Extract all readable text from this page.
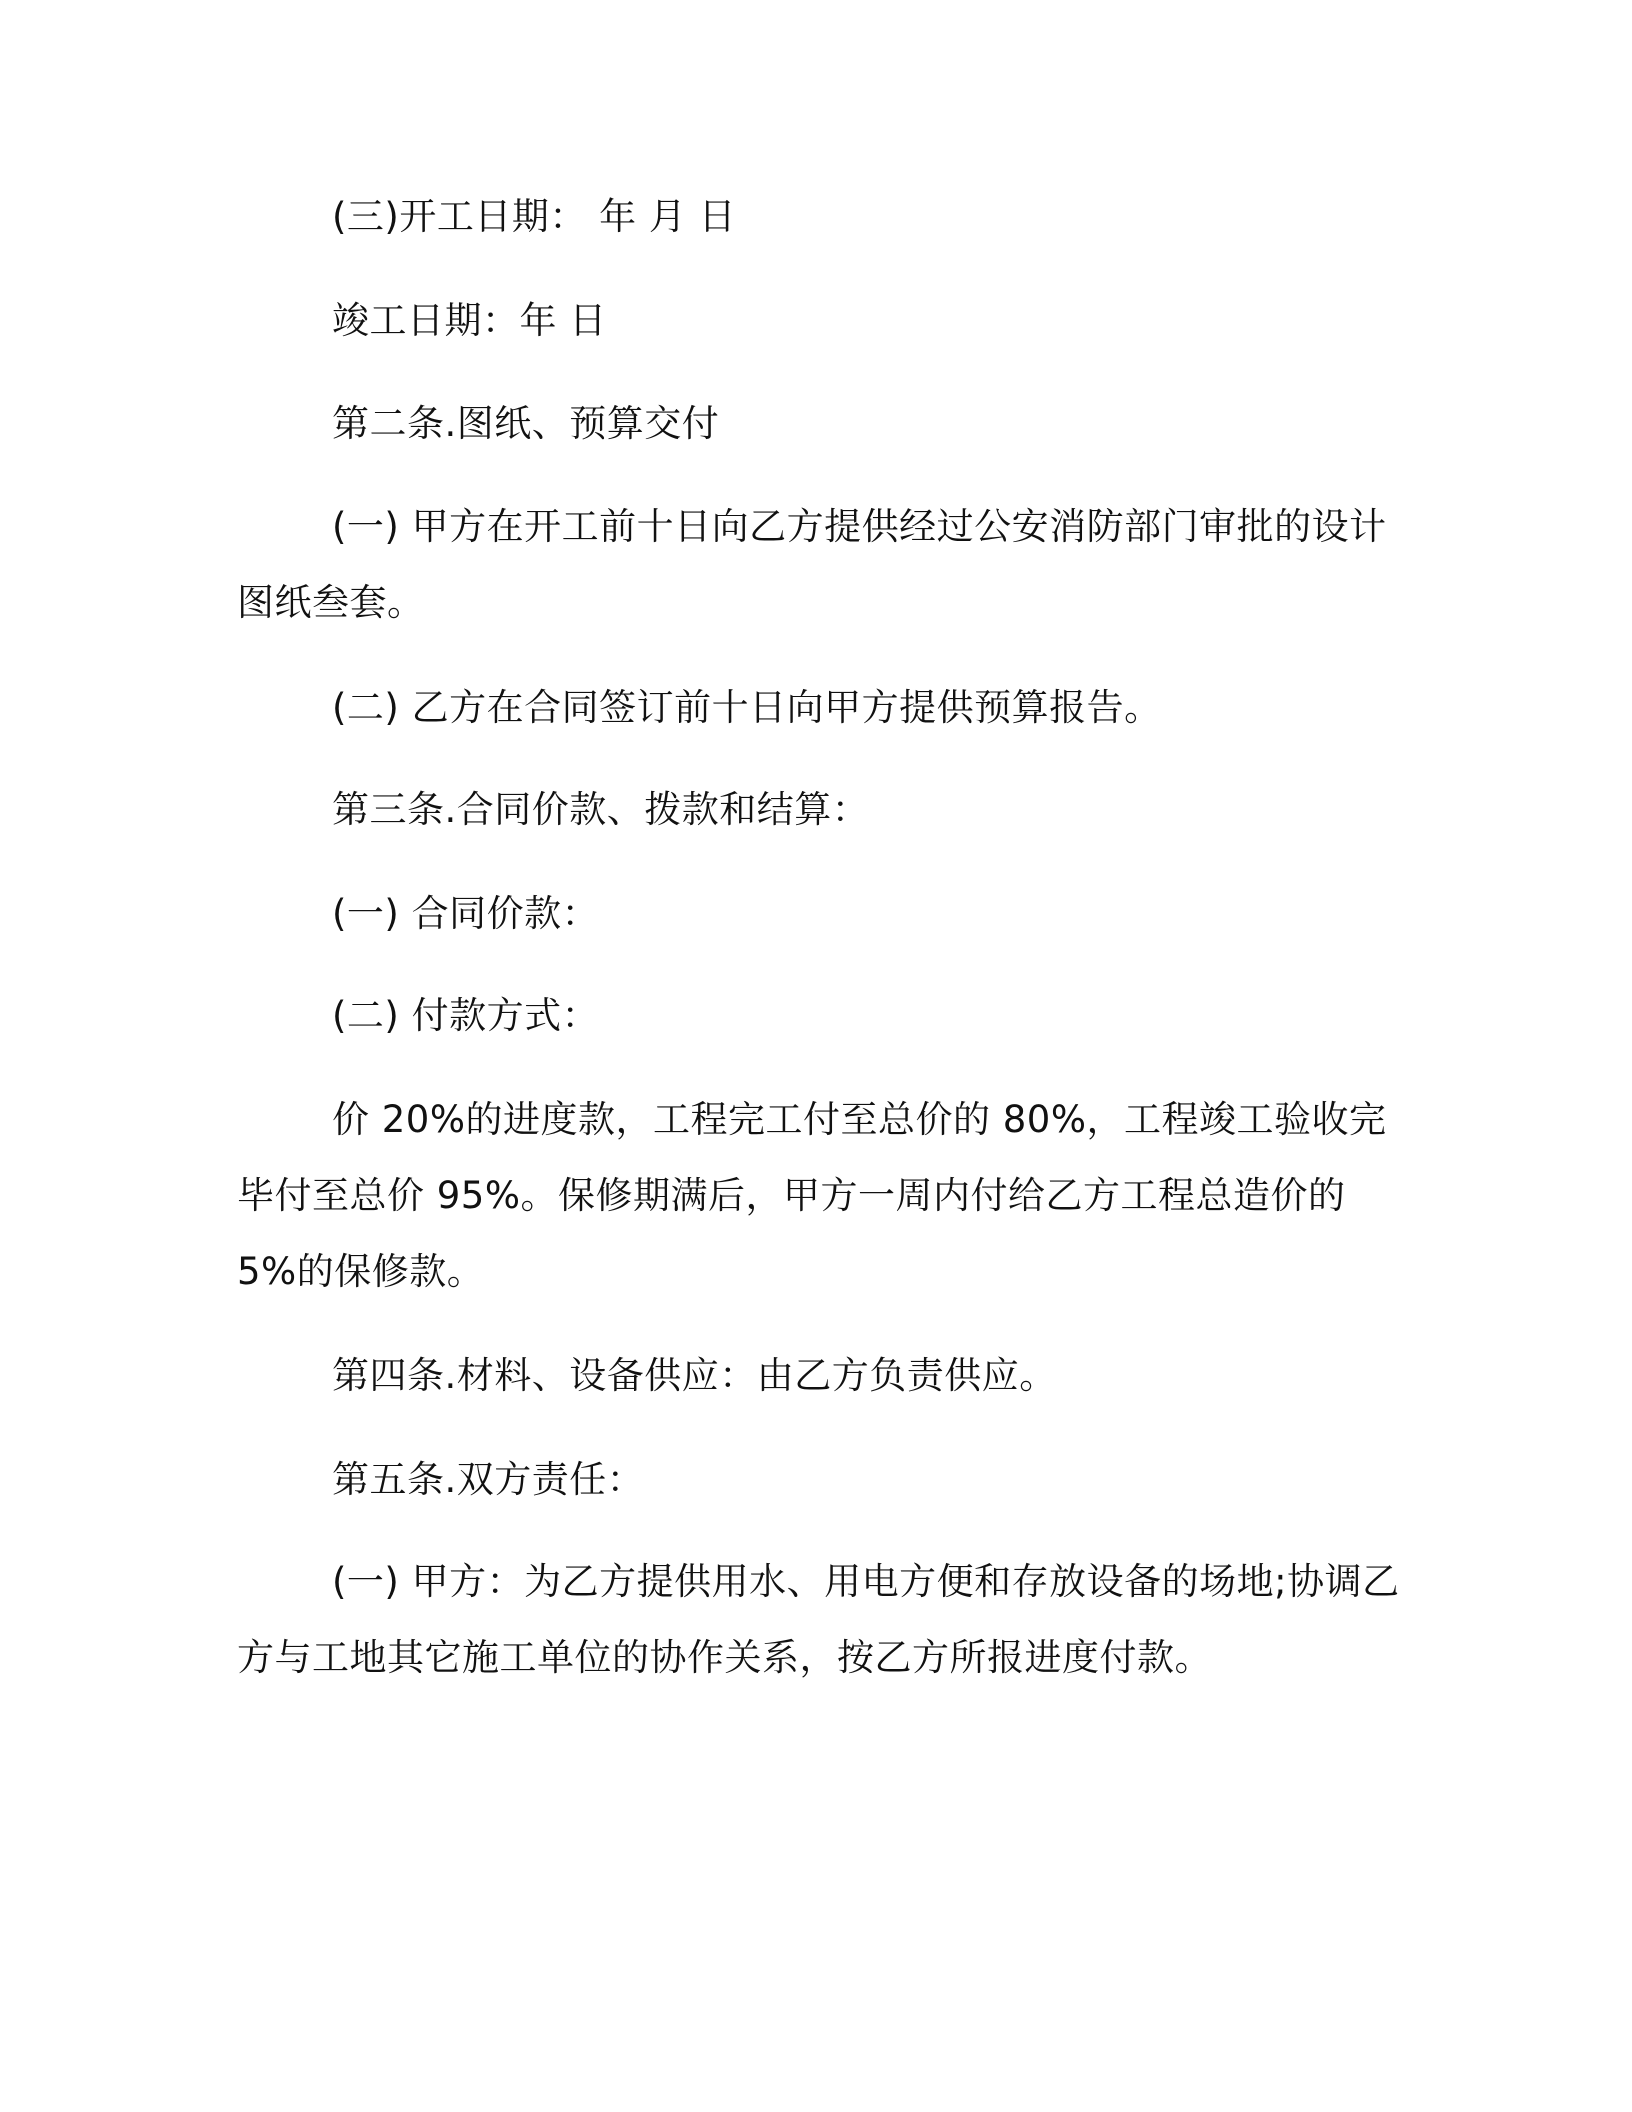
(三)开工日期： 年 月 日
竣工日期：年 日
第二条.图纸、预算交付
(一) 甲方在开工前十日向乙方提供经过公安消防部门审批的设计
图纸叁套。
(二) 乙方在合同签订前十日向甲方提供预算报告。
第三条.合同价款、拨款和结算：
(一) 合同价款：
(二) 付款方式：
价 20%的进度款，工程完工付至总价的 80%，工程竣工验收完
毕付至总价 95%。保修期满后，甲方一周内付给乙方工程总造价的
5%的保修款。
第四条.材料、设备供应：由乙方负责供应。
第五条.双方责任：
(一) 甲方：为乙方提供用水、用电方便和存放设备的场地;协调乙
方与工地其它施工单位的协作关系，按乙方所报进度付款。
